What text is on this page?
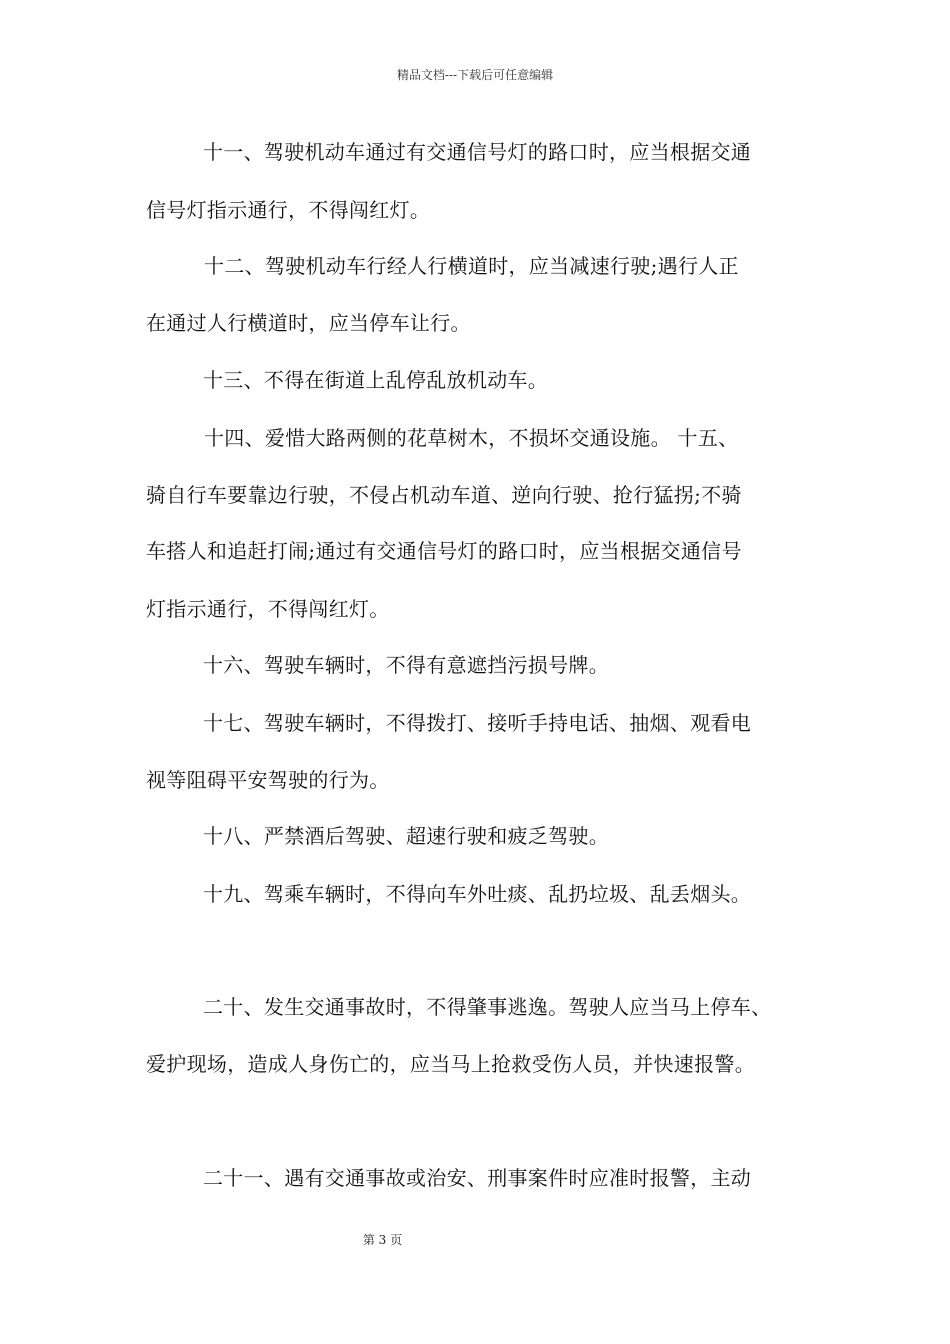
精品文档---下载后可任意编辑
十一、驾驶机动车通过有交通信号灯的路口时，应当根据交通
信号灯指示通行，不得闯红灯。
十二、驾驶机动车行经人行横道时，应当减速行驶;遇行人正
在通过人行横道时，应当停车让行。
十三、不得在街道上乱停乱放机动车。
十四、爱惜大路两侧的花草树木，不损坏交通设施。 十五、
骑自行车要靠边行驶，不侵占机动车道、逆向行驶、抢行猛拐;不骑
车搭人和追赶打闹;通过有交通信号灯的路口时，应当根据交通信号
灯指示通行，不得闯红灯。
十六、驾驶车辆时，不得有意遮挡污损号牌。
十七、驾驶车辆时，不得拨打、接听手持电话、抽烟、观看电
视等阻碍平安驾驶的行为。
十八、严禁酒后驾驶、超速行驶和疲乏驾驶。
十九、驾乘车辆时，不得向车外吐痰、乱扔垃圾、乱丢烟头。
二十、发生交通事故时，不得肇事逃逸。驾驶人应当马上停车、
爱护现场，造成人身伤亡的，应当马上抢救受伤人员，并快速报警。
二十一、遇有交通事故或治安、刑事案件时应准时报警，主动
第 3 页
